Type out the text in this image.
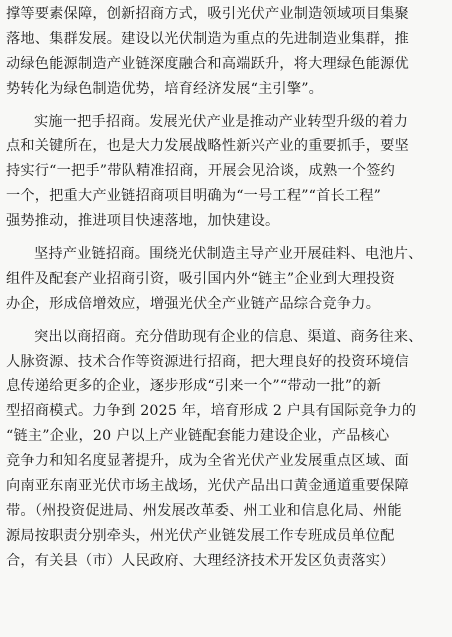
撑等要素保障，创新招商方式，吸引光伏产业制造领域项目集聚
落地、集群发展。建设以光伏制造为重点的先进制造业集群，推
动绿色能源制造产业链深度融合和高端跃升，将大理绿色能源优
势转化为绿色制造优势，培育经济发展“主引擎”。
实施一把手招商。发展光伏产业是推动产业转型升级的着力
点和关键所在，也是大力发展战略性新兴产业的重要抓手，要坚
持实行“一把手”带队精准招商，开展会见洽谈，成熟一个签约
一个，把重大产业链招商项目明确为“一号工程”“首长工程”
强势推动，推进项目快速落地，加快建设。
坚持产业链招商。围绕光伏制造主导产业开展硅料、电池片、
组件及配套产业招商引资，吸引国内外“链主”企业到大理投资
办企，形成倍增效应，增强光伏全产业链产品综合竞争力。
突出以商招商。充分借助现有企业的信息、渠道、商务往来、
人脉资源、技术合作等资源进行招商，把大理良好的投资环境信
息传递给更多的企业，逐步形成“引来一个”“带动一批”的新
型招商模式。力争到 2025 年，培育形成 2 户具有国际竞争力的
“链主”企业，20 户以上产业链配套能力建设企业，产品核心
竞争力和知名度显著提升，成为全省光伏产业发展重点区域、面
向南亚东南亚光伏市场主战场，光伏产品出口黄金通道重要保障
带。（州投资促进局、州发展改革委、州工业和信息化局、州能
源局按职责分别牵头，州光伏产业链发展工作专班成员单位配
合，有关县（市）人民政府、大理经济技术开发区负责落实）
